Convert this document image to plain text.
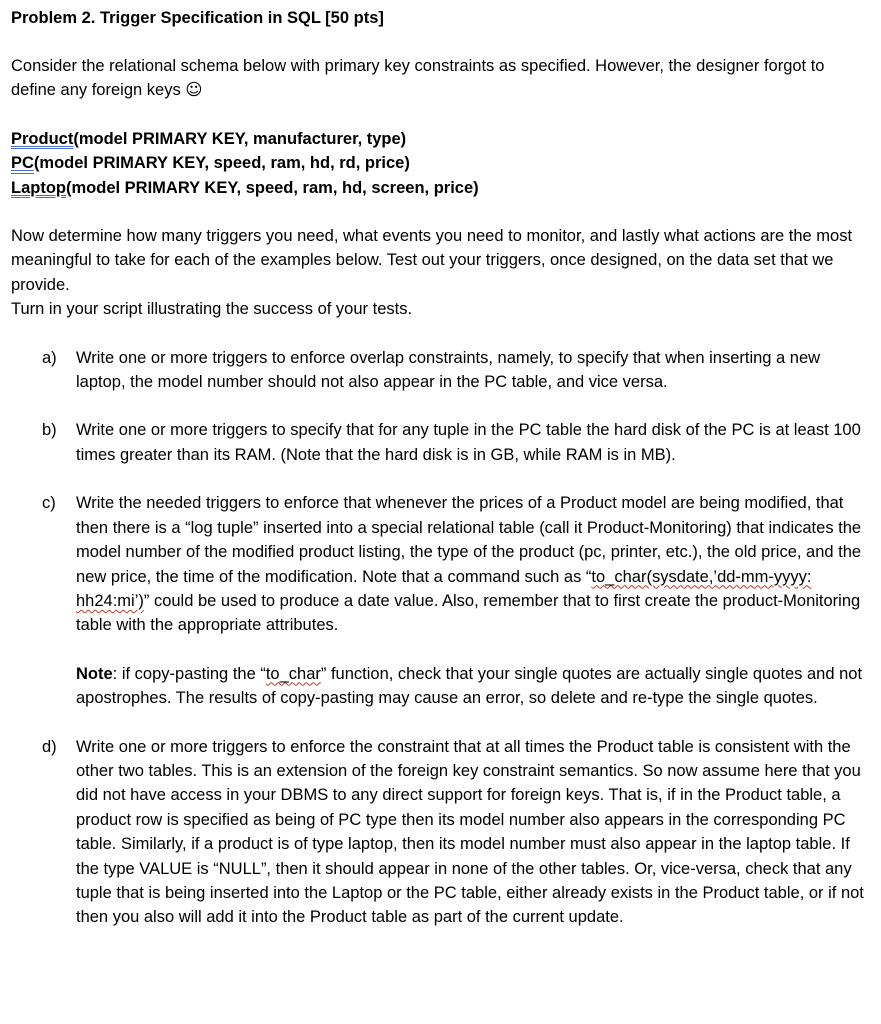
Problem 2. Trigger Specification in SQL [50 pts]

Consider the relational schema below with primary key constraints as specified. However, the designer forgot to define any foreign keys ☺

Product(model PRIMARY KEY, manufacturer, type)
PC(model PRIMARY KEY, speed, ram, hd, rd, price)
Laptop(model PRIMARY KEY, speed, ram, hd, screen, price)

Now determine how many triggers you need, what events you need to monitor, and lastly what actions are the most meaningful to take for each of the examples below. Test out your triggers, once designed, on the data set that we provide.

Turn in your script illustrating the success of your tests.

a) Write one or more triggers to enforce overlap constraints, namely, to specify that when inserting a new laptop, the model number should not also appear in the PC table, and vice versa.
b) Write one or more triggers to specify that for any tuple in the PC table the hard disk of the PC is at least 100 times greater than its RAM. (Note that the hard disk is in GB, while RAM is in MB).
c) Write the needed triggers to enforce that whenever the prices of a Product model are being modified, that then there is a “log tuple” inserted into a special relational table (call it Product-Monitoring) that indicates the model number of the modified product listing, the type of the product (pc, printer, etc.), the old price, and the new price, the time of the modification. Note that a command such as “to_char(sysdate,’dd-mm-yyyy: hh24:mi’)” could be used to produce a date value. Also, remember that to first create the product-Monitoring table with the appropriate attributes.
Note: if copy-pasting the “to_char” function, check that your single quotes are actually single quotes and not apostrophes. The results of copy-pasting may cause an error, so delete and re-type the single quotes.
d) Write one or more triggers to enforce the constraint that at all times the Product table is consistent with the other two tables. This is an extension of the foreign key constraint semantics. So now assume here that you did not have access in your DBMS to any direct support for foreign keys. That is, if in the Product table, a product row is specified as being of PC type then its model number also appears in the corresponding PC table. Similarly, if a product is of type laptop, then its model number must also appear in the laptop table. If the type VALUE is “NULL”, then it should appear in none of the other tables. Or, vice-versa, check that any tuple that is being inserted into the Laptop or the PC table, either already exists in the Product table, or if not then you also will add it into the Product table as part of the current update.
